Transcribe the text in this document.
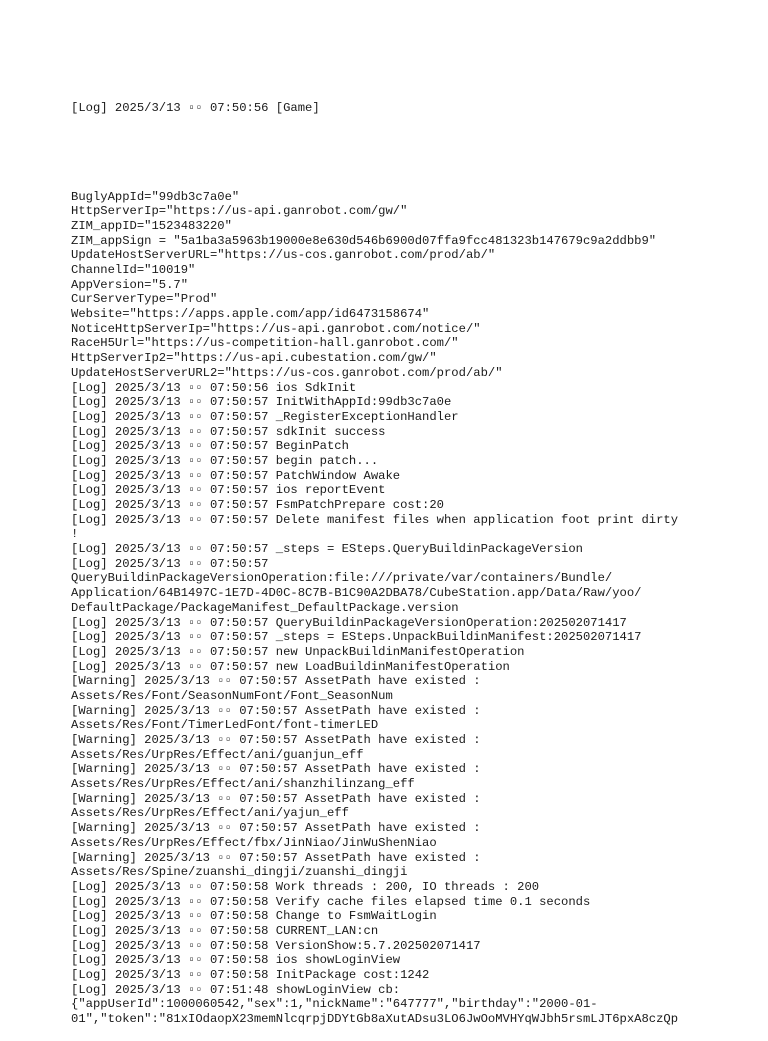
[Log] 2025/3/13 ▫▫ 07:50:56 [Game]

BuglyAppId="99db3c7a0e"
HttpServerIp="https://us-api.ganrobot.com/gw/"
ZIM_appID="1523483220"
ZIM_appSign = "5a1ba3a5963b19000e8e630d546b6900d07ffa9fcc481323b147679c9a2ddbb9"
UpdateHostServerURL="https://us-cos.ganrobot.com/prod/ab/"
ChannelId="10019"
AppVersion="5.7"
CurServerType="Prod"
Website="https://apps.apple.com/app/id6473158674"
NoticeHttpServerIp="https://us-api.ganrobot.com/notice/"
RaceH5Url="https://us-competition-hall.ganrobot.com/"
HttpServerIp2="https://us-api.cubestation.com/gw/"
UpdateHostServerURL2="https://us-cos.ganrobot.com/prod/ab/"
[Log] 2025/3/13 ▫▫ 07:50:56 ios SdkInit
[Log] 2025/3/13 ▫▫ 07:50:57 InitWithAppId:99db3c7a0e
[Log] 2025/3/13 ▫▫ 07:50:57 _RegisterExceptionHandler
[Log] 2025/3/13 ▫▫ 07:50:57 sdkInit success
[Log] 2025/3/13 ▫▫ 07:50:57 BeginPatch
[Log] 2025/3/13 ▫▫ 07:50:57 begin patch...
[Log] 2025/3/13 ▫▫ 07:50:57 PatchWindow Awake
[Log] 2025/3/13 ▫▫ 07:50:57 ios reportEvent
[Log] 2025/3/13 ▫▫ 07:50:57 FsmPatchPrepare cost:20
[Log] 2025/3/13 ▫▫ 07:50:57 Delete manifest files when application foot print dirty
!
[Log] 2025/3/13 ▫▫ 07:50:57 _steps = ESteps.QueryBuildinPackageVersion
[Log] 2025/3/13 ▫▫ 07:50:57
QueryBuildinPackageVersionOperation:file:///private/var/containers/Bundle/
Application/64B1497C-1E7D-4D0C-8C7B-B1C90A2DBA78/CubeStation.app/Data/Raw/yoo/
DefaultPackage/PackageManifest_DefaultPackage.version
[Log] 2025/3/13 ▫▫ 07:50:57 QueryBuildinPackageVersionOperation:202502071417
[Log] 2025/3/13 ▫▫ 07:50:57 _steps = ESteps.UnpackBuildinManifest:202502071417
[Log] 2025/3/13 ▫▫ 07:50:57 new UnpackBuildinManifestOperation
[Log] 2025/3/13 ▫▫ 07:50:57 new LoadBuildinManifestOperation
[Warning] 2025/3/13 ▫▫ 07:50:57 AssetPath have existed :
Assets/Res/Font/SeasonNumFont/Font_SeasonNum
[Warning] 2025/3/13 ▫▫ 07:50:57 AssetPath have existed :
Assets/Res/Font/TimerLedFont/font-timerLED
[Warning] 2025/3/13 ▫▫ 07:50:57 AssetPath have existed :
Assets/Res/UrpRes/Effect/ani/guanjun_eff
[Warning] 2025/3/13 ▫▫ 07:50:57 AssetPath have existed :
Assets/Res/UrpRes/Effect/ani/shanzhilinzang_eff
[Warning] 2025/3/13 ▫▫ 07:50:57 AssetPath have existed :
Assets/Res/UrpRes/Effect/ani/yajun_eff
[Warning] 2025/3/13 ▫▫ 07:50:57 AssetPath have existed :
Assets/Res/UrpRes/Effect/fbx/JinNiao/JinWuShenNiao
[Warning] 2025/3/13 ▫▫ 07:50:57 AssetPath have existed :
Assets/Res/Spine/zuanshi_dingji/zuanshi_dingji
[Log] 2025/3/13 ▫▫ 07:50:58 Work threads : 200, IO threads : 200
[Log] 2025/3/13 ▫▫ 07:50:58 Verify cache files elapsed time 0.1 seconds
[Log] 2025/3/13 ▫▫ 07:50:58 Change to FsmWaitLogin
[Log] 2025/3/13 ▫▫ 07:50:58 CURRENT_LAN:cn
[Log] 2025/3/13 ▫▫ 07:50:58 VersionShow:5.7.202502071417
[Log] 2025/3/13 ▫▫ 07:50:58 ios showLoginView
[Log] 2025/3/13 ▫▫ 07:50:58 InitPackage cost:1242
[Log] 2025/3/13 ▫▫ 07:51:48 showLoginView cb:
{"appUserId":1000060542,"sex":1,"nickName":"647777","birthday":"2000-01-
01","token":"81xIOdaopX23memNlcqrpjDDYtGb8aXutADsu3LO6JwOoMVHYqWJbh5rsmLJT6pxA8czQp
